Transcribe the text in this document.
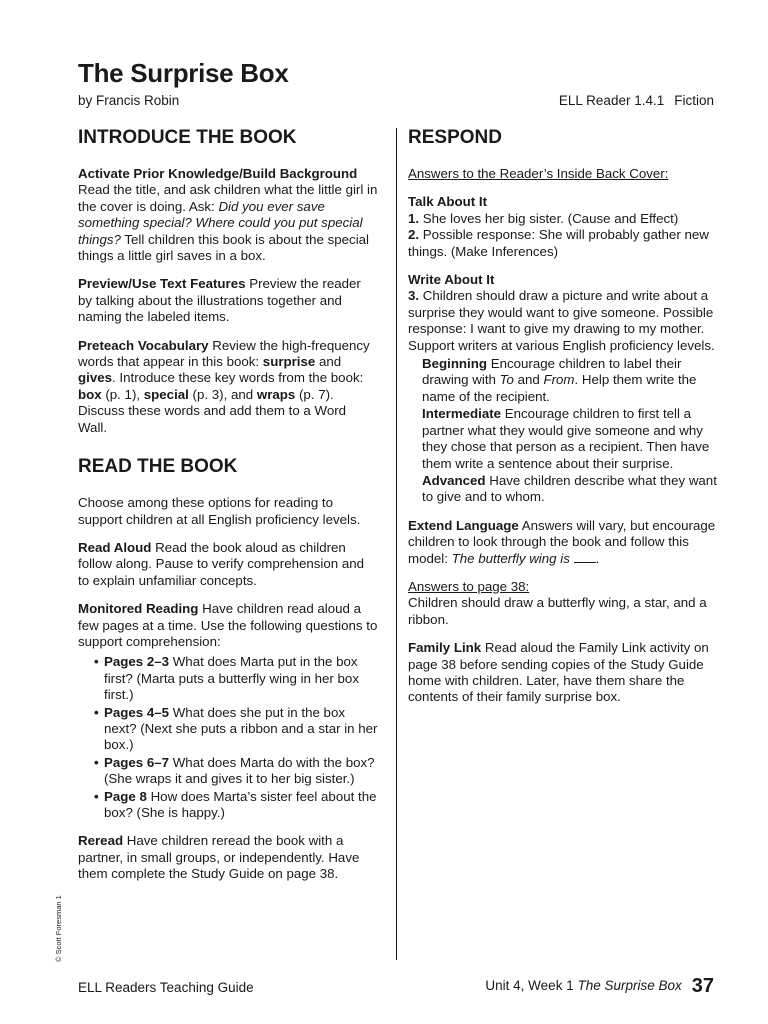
The Surprise Box
by Francis Robin	ELL Reader 1.4.1 Fiction
INTRODUCE THE BOOK

Activate Prior Knowledge/Build Background Read the title, and ask children what the little girl in the cover is doing. Ask: Did you ever save something special? Where could you put special things? Tell children this book is about the special things a little girl saves in a box.

Preview/Use Text Features Preview the reader by talking about the illustrations together and naming the labeled items.

Preteach Vocabulary Review the high-frequency words that appear in this book: surprise and gives. Introduce these key words from the book: box (p. 1), special (p. 3), and wraps (p. 7). Discuss these words and add them to a Word Wall.

READ THE BOOK

Choose among these options for reading to support children at all English proficiency levels.

Read Aloud Read the book aloud as children follow along. Pause to verify comprehension and to explain unfamiliar concepts.

Monitored Reading Have children read aloud a few pages at a time. Use the following questions to support comprehension:

• Pages 2–3 What does Marta put in the box first? (Marta puts a butterfly wing in her box first.)
• Pages 4–5 What does she put in the box next? (Next she puts a ribbon and a star in her box.)
• Pages 6–7 What does Marta do with the box? (She wraps it and gives it to her big sister.)
• Page 8 How does Marta’s sister feel about the box? (She is happy.)

Reread Have children reread the book with a partner, in small groups, or independently. Have them complete the Study Guide on page 38.

RESPOND

Answers to the Reader’s Inside Back Cover:

Talk About It
1. She loves her big sister. (Cause and Effect)
2. Possible response: She will probably gather new things. (Make Inferences)

Write About It
3. Children should draw a picture and write about a surprise they would want to give someone. Possible response: I want to give my drawing to my mother.
Support writers at various English proficiency levels.

Beginning Encourage children to label their drawing with To and From. Help them write the name of the recipient.

Intermediate Encourage children to first tell a partner what they would give someone and why they chose that person as a recipient. Then have them write a sentence about their surprise.

Advanced Have children describe what they want to give and to whom.

Extend Language Answers will vary, but encourage children to look through the book and follow this model: The butterfly wing is .

Answers to page 38:
Children should draw a butterfly wing, a star, and a ribbon.

Family Link Read aloud the Family Link activity on page 38 before sending copies of the Study Guide home with children. Later, have them share the contents of their family surprise box.

© Scott Foresman 1
ELL Readers Teaching Guide	Unit 4, Week 1 The Surprise Box 37
